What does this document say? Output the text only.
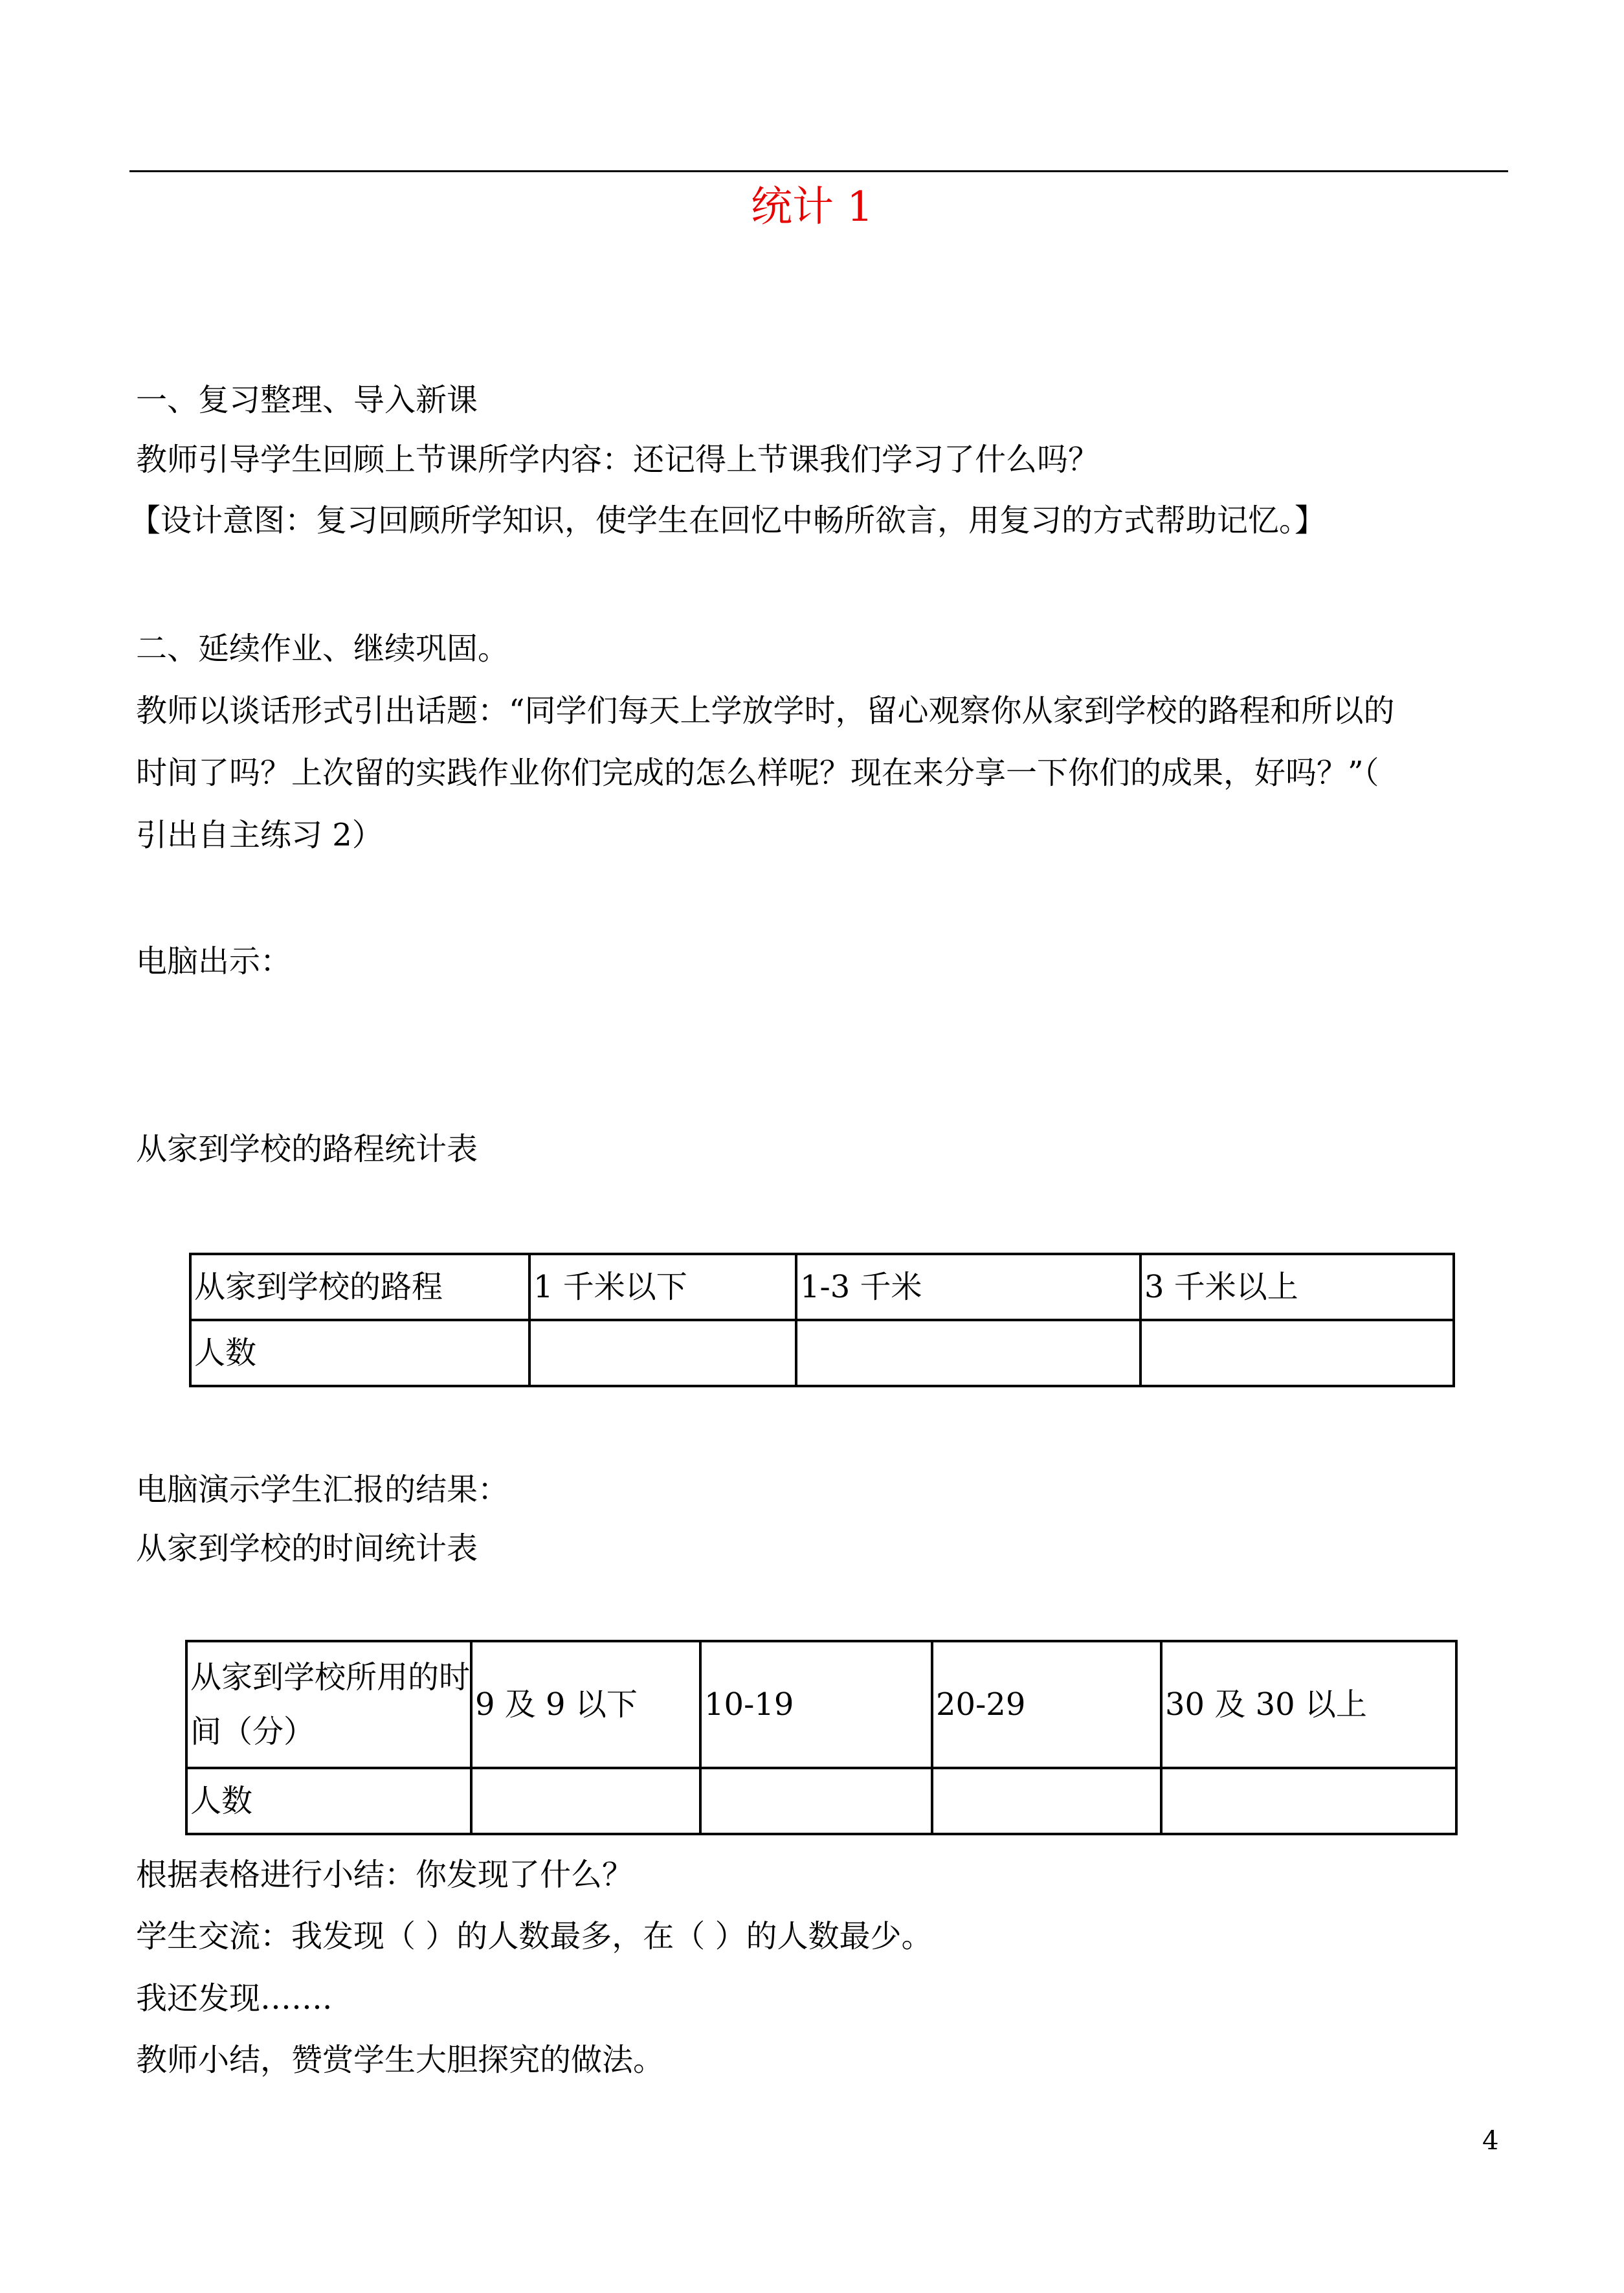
统计 1
一、复习整理、导入新课
教师引导学生回顾上节课所学内容：还记得上节课我们学习了什么吗？
【设计意图：复习回顾所学知识，使学生在回忆中畅所欲言，用复习的方式帮助记忆。】
二、延续作业、继续巩固。
教师以谈话形式引出话题：“同学们每天上学放学时，留心观察你从家到学校的路程和所以的
时间了吗？上次留的实践作业你们完成的怎么样呢？现在来分享一下你们的成果，好吗？”（
引出自主练习 2）
电脑出示：
从家到学校的路程统计表
从家到学校的路程	1 千米以下	1-3 千米	3 千米以上
人数			
电脑演示学生汇报的结果：
从家到学校的时间统计表
从家到学校所用的时间（分）	9 及 9 以下	10-19	20-29	30 及 30 以上
人数				
根据表格进行小结：你发现了什么？
学生交流：我发现（ ）的人数最多，在（ ）的人数最少。
我还发现…….
教师小结，赞赏学生大胆探究的做法。
4
